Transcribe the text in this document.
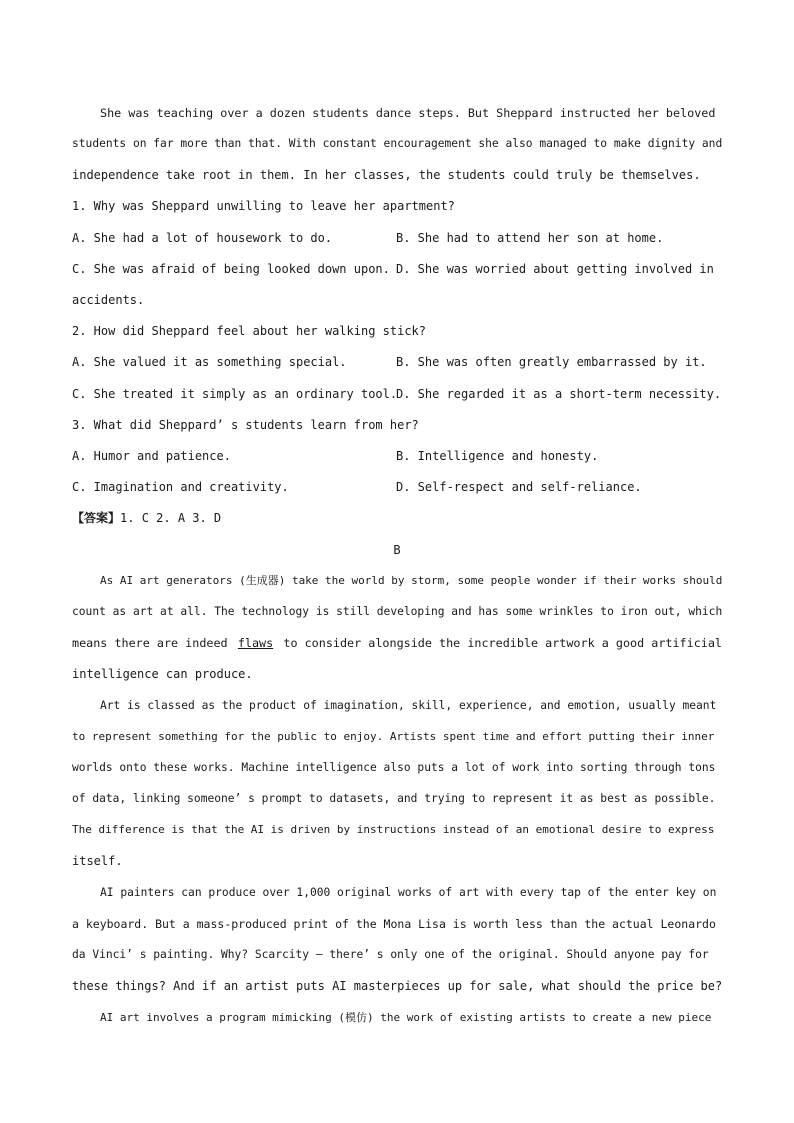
She was teaching over a dozen students dance steps. But Sheppard instructed her beloved
students on far more than that. With constant encouragement she also managed to make dignity and
independence take root in them. In her classes, the students could truly be themselves.
1. Why was Sheppard unwilling to leave her apartment?
A. She had a lot of housework to do.	B. She had to attend her son at home.
C. She was afraid of being looked down upon. D. She was worried about getting involved in
accidents.
2. How did Sheppard feel about her walking stick?
A. She valued it as something special.	B. She was often greatly embarrassed by it.
C. She treated it simply as an ordinary tool.
D. She regarded it as a short-term necessity.
3. What did Sheppard’ s students learn from her?
A. Humor and patience.	B. Intelligence and honesty.
C. Imagination and creativity.	D. Self-respect and self-reliance.
【答案】1. C 2. A 3. D
B
As AI art generators (生成器) take the world by storm, some people wonder if their works should
count as art at all. The technology is still developing and has some wrinkles to iron out, which
means there are indeed flaws to consider alongside the incredible artwork a good artificial
intelligence can produce.
Art is classed as the product of imagination, skill, experience, and emotion, usually meant
to represent something for the public to enjoy. Artists spent time and effort putting their inner
worlds onto these works. Machine intelligence also puts a lot of work into sorting through tons
of data, linking someone’ s prompt to datasets, and trying to represent it as best as possible.
The difference is that the AI is driven by instructions instead of an emotional desire to express
itself.
AI painters can produce over 1,000 original works of art with every tap of the enter key on
a keyboard. But a mass-produced print of the Mona Lisa is worth less than the actual Leonardo
da Vinci’ s painting. Why? Scarcity — there’ s only one of the original. Should anyone pay for
these things? And if an artist puts AI masterpieces up for sale, what should the price be?
AI art involves a program mimicking (模仿) the work of existing artists to create a new piece
